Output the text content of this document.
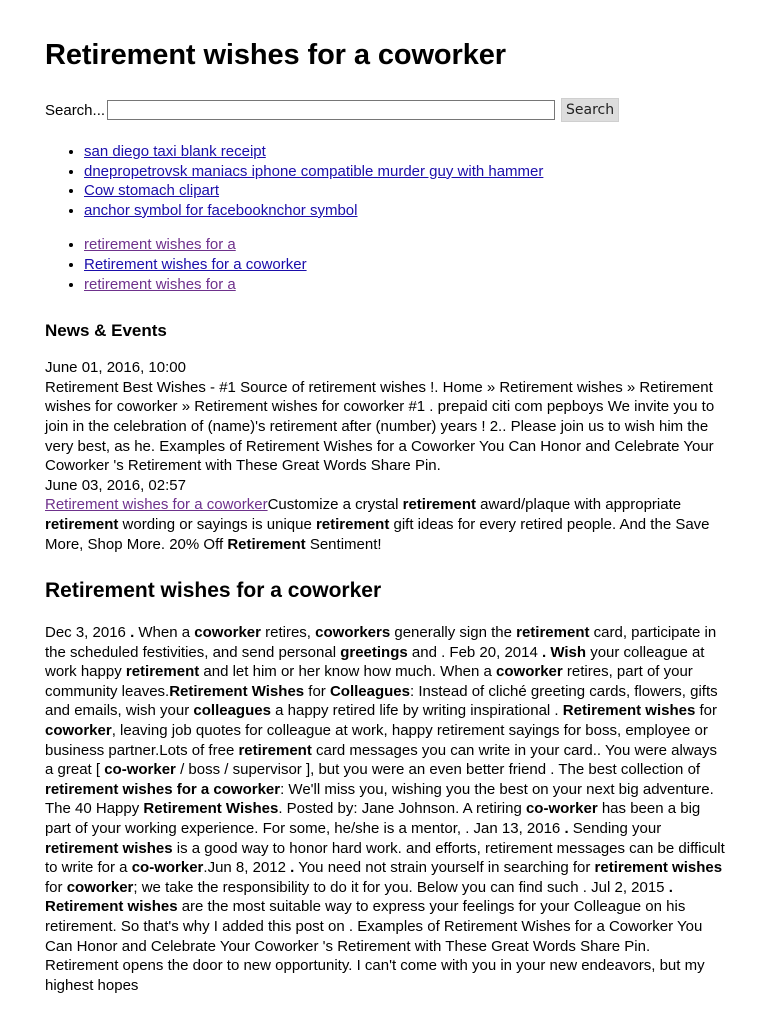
Retirement wishes for a coworker
Search...	Search
• san diego taxi blank receipt
• dnepropetrovsk maniacs iphone compatible murder guy with hammer
• Cow stomach clipart
• anchor symbol for facebooknchor symbol
• retirement wishes for a
• Retirement wishes for a coworker
• retirement wishes for a
News & Events
June 01, 2016, 10:00
Retirement Best Wishes - #1 Source of retirement wishes !. Home » Retirement wishes » Retirement wishes for coworker » Retirement wishes for coworker #1 . prepaid citi com pepboys We invite you to join in the celebration of (name)'s retirement after (number) years ! 2.. Please join us to wish him the very best, as he. Examples of Retirement Wishes for a Coworker You Can Honor and Celebrate Your Coworker 's Retirement with These Great Words Share Pin.
June 03, 2016, 02:57
Retirement wishes for a coworkerCustomize a crystal retirement award/plaque with appropriate retirement wording or sayings is unique retirement gift ideas for every retired people. And the Save More, Shop More. 20% Off Retirement Sentiment!
Retirement wishes for a coworker
Dec 3, 2016 . When a coworker retires, coworkers generally sign the retirement card, participate in the scheduled festivities, and send personal greetings and . Feb 20, 2014 . Wish your colleague at work happy retirement and let him or her know how much. When a coworker retires, part of your community leaves.Retirement Wishes for Colleagues: Instead of cliché greeting cards, flowers, gifts and emails, wish your colleagues a happy retired life by writing inspirational . Retirement wishes for coworker, leaving job quotes for colleague at work, happy retirement sayings for boss, employee or business partner.Lots of free retirement card messages you can write in your card.. You were always a great [ co-worker / boss / supervisor ], but you were an even better friend . The best collection of retirement wishes for a coworker: We'll miss you, wishing you the best on your next big adventure. The 40 Happy Retirement Wishes. Posted by: Jane Johnson. A retiring co-worker has been a big part of your working experience. For some, he/she is a mentor, . Jan 13, 2016 . Sending your retirement wishes is a good way to honor hard work. and efforts, retirement messages can be difficult to write for a co-worker.Jun 8, 2012 . You need not strain yourself in searching for retirement wishes for coworker; we take the responsibility to do it for you. Below you can find such . Jul 2, 2015 . Retirement wishes are the most suitable way to express your feelings for your Colleague on his retirement. So that's why I added this post on . Examples of Retirement Wishes for a Coworker You Can Honor and Celebrate Your Coworker 's Retirement with These Great Words Share Pin. Retirement opens the door to new opportunity. I can't come with you in your new endeavors, but my highest hopes
